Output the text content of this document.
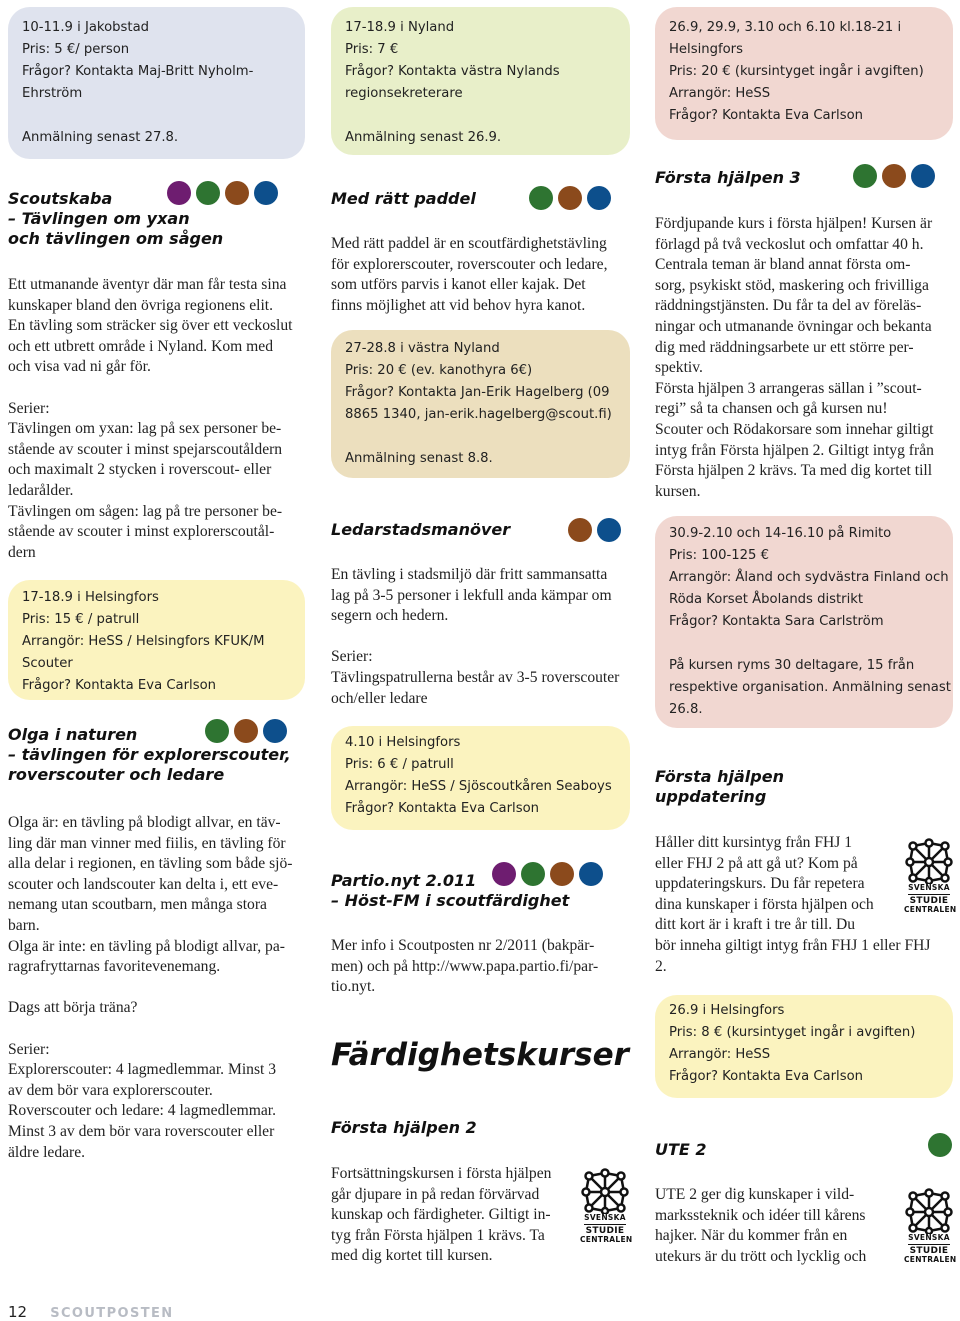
10-11.9 i Jakobstad
Pris: 5 €/ person
Frågor? Kontakta Maj-Britt Nyholm-
Ehrström
Anmälning senast 27.8.
17-18.9 i Nyland
Pris: 7 €
Frågor? Kontakta västra Nylands
regionsekreterare
Anmälning senast 26.9.
26.9, 29.9, 3.10 och 6.10 kl.18-21 i
Helsingfors
Pris: 20 € (kursintyget ingår i avgiften)
Arrangör: HeSS
Frågor? Kontakta Eva Carlson
Scoutskaba
– Tävlingen om yxan
och tävlingen om sågen
Ett utmanande äventyr där man får testa sina
kunskaper bland den övriga regionens elit.
En tävling som sträcker sig över ett veckoslut
och ett utbrett område i Nyland. Kom med
och visa vad ni går för.
Serier:
Tävlingen om yxan: lag på sex personer be-
stående av scouter i minst spejarscoutåldern
och maximalt 2 stycken i roverscout- eller
ledarålder.
Tävlingen om sågen: lag på tre personer be-
stående av scouter i minst explorerscoutål-
dern
17-18.9 i Helsingfors
Pris: 15 € / patrull
Arrangör: HeSS / Helsingfors KFUK/M
Scouter
Frågor? Kontakta Eva Carlson
Olga i naturen
– tävlingen för explorerscouter,
roverscouter och ledare
Olga är: en tävling på blodigt allvar, en täv-
ling där man vinner med fiilis, en tävling för
alla delar i regionen, en tävling som både sjö-
scouter och landscouter kan delta i, ett eve-
nemang utan scoutbarn, men många stora
barn.
Olga är inte: en tävling på blodigt allvar, pa-
ragrafryttarnas favoritevenemang.
Dags att börja träna?
Serier:
Explorerscouter: 4 lagmedlemmar. Minst 3
av dem bör vara explorerscouter.
Roverscouter och ledare: 4 lagmedlemmar.
Minst 3 av dem bör vara roverscouter eller
äldre ledare.
Med rätt paddel
Med rätt paddel är en scoutfärdighetstävling
för explorerscouter, roverscouter och ledare,
som utförs parvis i kanot eller kajak. Det
finns möjlighet att vid behov hyra kanot.
27-28.8 i västra Nyland
Pris: 20 € (ev. kanothyra 6€)
Frågor? Kontakta Jan-Erik Hagelberg (09
8865 1340, jan-erik.hagelberg@scout.fi)
Anmälning senast 8.8.
Ledarstadsmanöver
En tävling i stadsmiljö där fritt sammansatta
lag på 3-5 personer i lekfull anda kämpar om
segern och hedern.
Serier:
Tävlingspatrullerna består av 3-5 roverscouter
och/eller ledare
4.10 i Helsingfors
Pris: 6 € / patrull
Arrangör: HeSS / Sjöscoutkåren Seaboys
Frågor? Kontakta Eva Carlson
Partio.nyt 2.011
– Höst-FM i scoutfärdighet
Mer info i Scoutposten nr 2/2011 (bakpär-
men) och på http://www.papa.partio.fi/par-
tio.nyt.
Färdighetskurser
Första hjälpen 2
Fortsättningskursen i första hjälpen
går djupare in på redan förvärvad
kunskap och färdigheter. Giltigt in-
tyg från Första hjälpen 1 krävs. Ta
med dig kortet till kursen.
SVENSKA
STUDIE
CENTRALEN
Första hjälpen 3
Fördjupande kurs i första hjälpen! Kursen är
förlagd på två veckoslut och omfattar 40 h.
Centrala teman är bland annat första om-
sorg, psykiskt stöd, maskering och frivilliga
räddningstjänsten. Du får ta del av föreläs-
ningar och utmanande övningar och bekanta
dig med räddningsarbete ur ett större per-
spektiv.
Första hjälpen 3 arrangeras sällan i ”scout-
regi” så ta chansen och gå kursen nu!
Scouter och Rödakorsare som innehar giltigt
intyg från Första hjälpen 2. Giltigt intyg från
Första hjälpen 2 krävs. Ta med dig kortet till
kursen.
30.9-2.10 och 14-16.10 på Rimito
Pris: 100-125 €
Arrangör: Åland och sydvästra Finland och
Röda Korset Åbolands distrikt
Frågor? Kontakta Sara Carlström
På kursen ryms 30 deltagare, 15 från
respektive organisation. Anmälning senast
26.8.
Första hjälpen
uppdatering
Håller ditt kursintyg från FHJ 1
eller FHJ 2 på att gå ut? Kom på
uppdateringskurs. Du får repetera
dina kunskaper i första hjälpen och
ditt kort är i kraft i tre år till. Du
bör inneha giltigt intyg från FHJ 1 eller FHJ
2.
SVENSKA
STUDIE
CENTRALEN
26.9 i Helsingfors
Pris: 8 € (kursintyget ingår i avgiften)
Arrangör: HeSS
Frågor? Kontakta Eva Carlson
UTE 2
UTE 2 ger dig kunskaper i vild-
markssteknik och idéer till kårens
hajker. När du kommer från en
utekurs är du trött och lycklig och
SVENSKA
STUDIE
CENTRALEN
12 SCOUTPOSTEN
